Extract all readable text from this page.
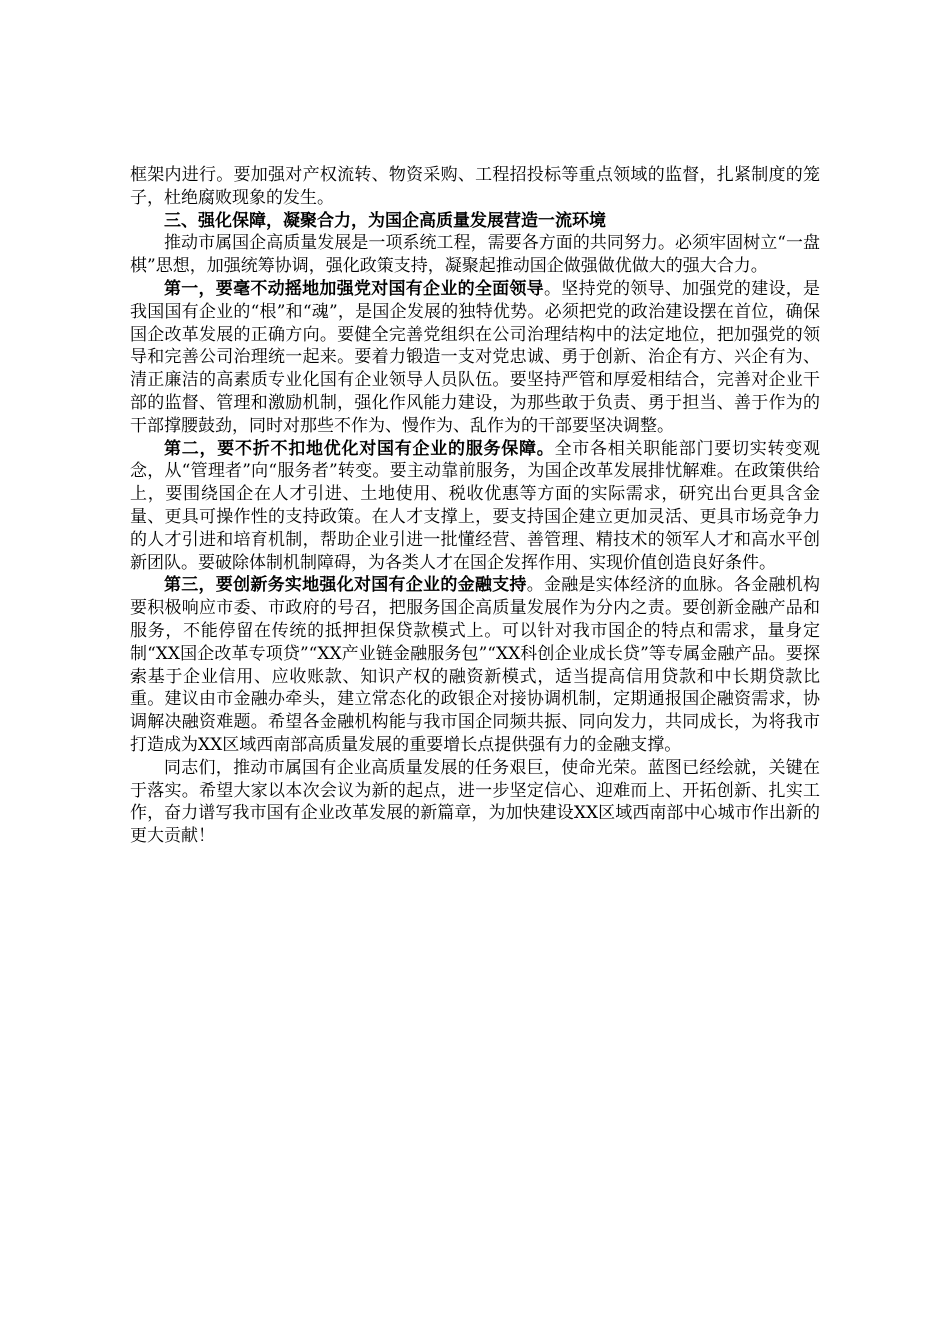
框架内进行。要加强对产权流转、物资采购、工程招投标等重点领域的监督，扎紧制度的笼子，杜绝腐败现象的发生。

三、强化保障，凝聚合力，为国企高质量发展营造一流环境

推动市属国企高质量发展是一项系统工程，需要各方面的共同努力。必须牢固树立“一盘棋”思想，加强统筹协调，强化政策支持，凝聚起推动国企做强做优做大的强大合力。

第一，要毫不动摇地加强党对国有企业的全面领导。坚持党的领导、加强党的建设，是我国国有企业的“根”和“魂”，是国企发展的独特优势。必须把党的政治建设摆在首位，确保国企改革发展的正确方向。要健全完善党组织在公司治理结构中的法定地位，把加强党的领导和完善公司治理统一起来。要着力锻造一支对党忠诚、勇于创新、治企有方、兴企有为、清正廉洁的高素质专业化国有企业领导人员队伍。要坚持严管和厚爱相结合，完善对企业干部的监督、管理和激励机制，强化作风能力建设，为那些敢于负责、勇于担当、善于作为的干部撑腰鼓劲，同时对那些不作为、慢作为、乱作为的干部要坚决调整。

第二，要不折不扣地优化对国有企业的服务保障。全市各相关职能部门要切实转变观念，从“管理者”向“服务者”转变。要主动靠前服务，为国企改革发展排忧解难。在政策供给上，要围绕国企在人才引进、土地使用、税收优惠等方面的实际需求，研究出台更具含金量、更具可操作性的支持政策。在人才支撑上，要支持国企建立更加灵活、更具市场竞争力的人才引进和培育机制，帮助企业引进一批懂经营、善管理、精技术的领军人才和高水平创新团队。要破除体制机制障碍，为各类人才在国企发挥作用、实现价值创造良好条件。

第三，要创新务实地强化对国有企业的金融支持。金融是实体经济的血脉。各金融机构要积极响应市委、市政府的号召，把服务国企高质量发展作为分内之责。要创新金融产品和服务，不能停留在传统的抵押担保贷款模式上。可以针对我市国企的特点和需求，量身定制“XX国企改革专项贷”“XX产业链金融服务包”“XX科创企业成长贷”等专属金融产品。要探索基于企业信用、应收账款、知识产权的融资新模式，适当提高信用贷款和中长期贷款比重。建议由市金融办牵头，建立常态化的政银企对接协调机制，定期通报国企融资需求，协调解决融资难题。希望各金融机构能与我市国企同频共振、同向发力，共同成长，为将我市打造成为XX区域西南部高质量发展的重要增长点提供强有力的金融支撑。

同志们，推动市属国有企业高质量发展的任务艰巨，使命光荣。蓝图已经绘就，关键在于落实。希望大家以本次会议为新的起点，进一步坚定信心、迎难而上、开拓创新、扎实工作，奋力谱写我市国有企业改革发展的新篇章，为加快建设XX区域西南部中心城市作出新的更大贡献！
